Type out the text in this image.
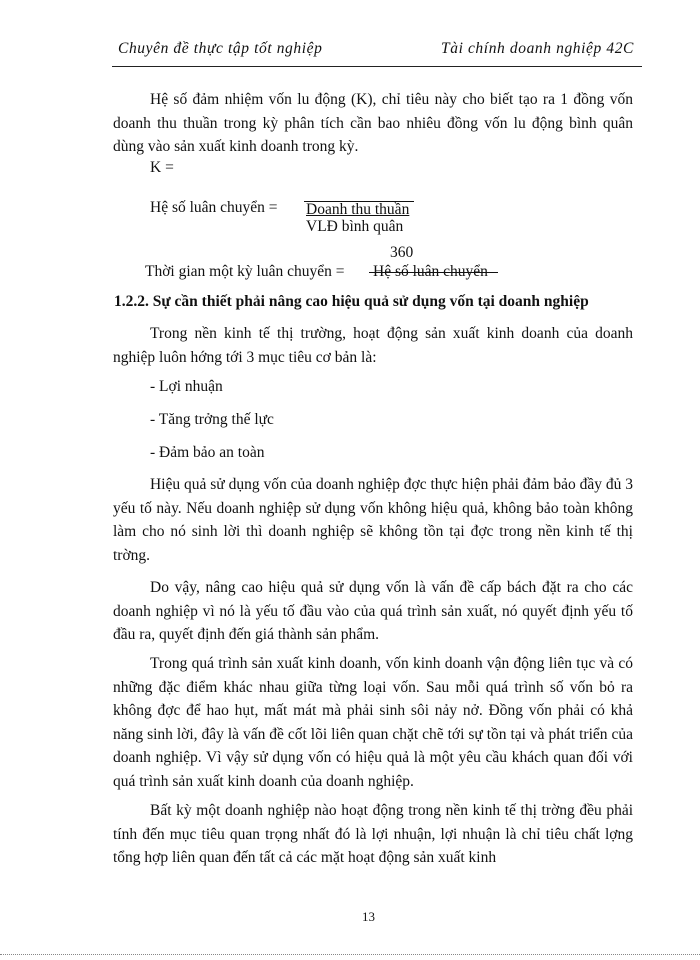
Chuyên đề thực tập tốt nghiệp	Tài chính doanh nghiệp 42C
Hệ số đảm nhiệm vốn lu động (K), chỉ tiêu này cho biết tạo ra 1 đồng vốn doanh thu thuần trong kỳ phân tích cần bao nhiêu đồng vốn lu động bình quân dùng vào sản xuất kinh doanh trong kỳ.
K =
Hệ số luân chuyển = Doanh thu thuần
VLĐ bình quân
360
Thời gian một kỳ luân chuyển = Hệ số luân chuyển
1.2.2. Sự cần thiết phải nâng cao hiệu quả sử dụng vốn tại doanh nghiệp
Trong nền kinh tế thị trường, hoạt động sản xuất kinh doanh của doanh nghiệp luôn hớng tới 3 mục tiêu cơ bản là:
- Lợi nhuận
- Tăng trởng thế lực
- Đảm bảo an toàn
Hiệu quả sử dụng vốn của doanh nghiệp đợc thực hiện phải đảm bảo đầy đủ 3 yếu tố này. Nếu doanh nghiệp sử dụng vốn không hiệu quả, không bảo toàn không làm cho nó sinh lời thì doanh nghiệp sẽ không tồn tại đợc trong nền kinh tế thị trờng.
Do vậy, nâng cao hiệu quả sử dụng vốn là vấn đề cấp bách đặt ra cho các doanh nghiệp vì nó là yếu tố đầu vào của quá trình sản xuất, nó quyết định yếu tố đầu ra, quyết định đến giá thành sản phẩm.
Trong quá trình sản xuất kinh doanh, vốn kinh doanh vận động liên tục và có những đặc điểm khác nhau giữa từng loại vốn. Sau mỗi quá trình số vốn bỏ ra không đợc để hao hụt, mất mát mà phải sinh sôi nảy nở. Đồng vốn phải có khả năng sinh lời, đây là vấn đề cốt lõi liên quan chặt chẽ tới sự tồn tại và phát triển của doanh nghiệp. Vì vậy sử dụng vốn có hiệu quả là một yêu cầu khách quan đối với quá trình sản xuất kinh doanh của doanh nghiệp.
Bất kỳ một doanh nghiệp nào hoạt động trong nền kinh tế thị trờng đều phải tính đến mục tiêu quan trọng nhất đó là lợi nhuận, lợi nhuận là chỉ tiêu chất lợng tổng hợp liên quan đến tất cả các mặt hoạt động sản xuất kinh
13
